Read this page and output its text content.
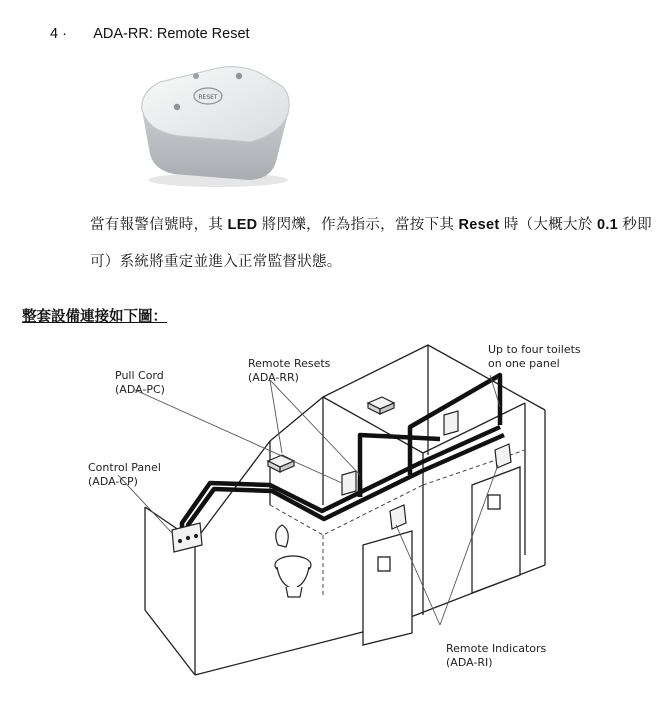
4 · ADA-RR: Remote Reset
RESET
當有報警信號時，其 LED 將閃爍，作為指示，當按下其 Reset 時（大概大於 0.1 秒即
可）系統將重定並進入正常監督狀態。
整套設備連接如下圖：
Pull Cord
(ADA-PC)
Remote Resets
(ADA-RR)
Up to four toilets
on one panel
Control Panel
(ADA-CP)
Remote Indicators
(ADA-RI)
